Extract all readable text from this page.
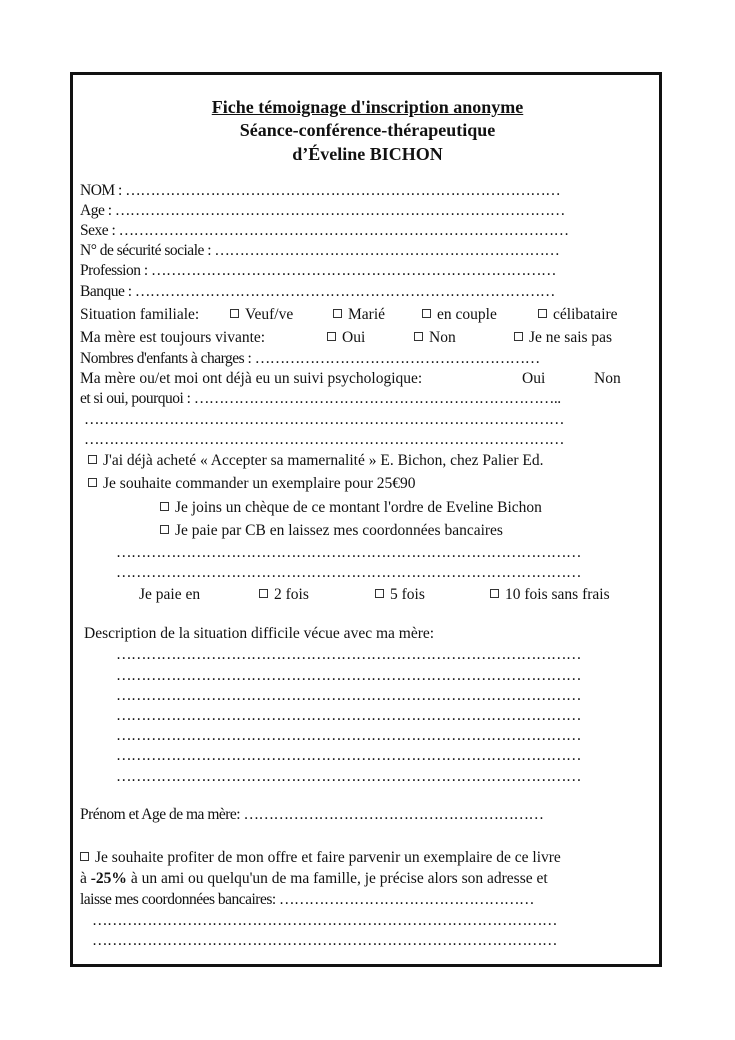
Fiche témoignage d'inscription anonyme
Séance-conférence-thérapeutique
d’Éveline BICHON
NOM : ……………………………………………………………………………
Age : ………………………………………………………………………………
Sexe : ………………………………………………………………………………
N° de sécurité sociale : ……………………………………………………………
Profession : ………………………………………………………………………
Banque : …………………………………………………………………………
Situation familiale:	Veuf/ve	Marié	en couple	célibataire
Ma mère est toujours vivante:	Oui	Non	Je ne sais pas
Nombres d'enfants à charges : …………………………………………………
Ma mère ou/et moi ont déjà eu un suivi psychologique:	Oui	Non
et si oui, pourquoi : ………………………………………………………………..
……………………………………………………………………………………
……………………………………………………………………………………
J'ai déjà acheté « Accepter sa mamernalité » E. Bichon, chez Palier Ed.
Je souhaite commander un exemplaire pour 25€90
Je joins un chèque de ce montant l'ordre de Eveline Bichon
Je paie par CB en laissez mes coordonnées bancaires
…………………………………………………………………………………
…………………………………………………………………………………
Je paie en	2 fois	5 fois	10 fois sans frais
Description de la situation difficile vécue avec ma mère:
…………………………………………………………………………………
…………………………………………………………………………………
…………………………………………………………………………………
…………………………………………………………………………………
…………………………………………………………………………………
…………………………………………………………………………………
…………………………………………………………………………………
Prénom et Age de ma mère: ……………………………………………………
Je souhaite profiter de mon offre et faire parvenir un exemplaire de ce livre
à -25% à un ami ou quelqu'un de ma famille, je précise alors son adresse et
laisse mes coordonnées bancaires: ……………………………………………
…………………………………………………………………………………
…………………………………………………………………………………
